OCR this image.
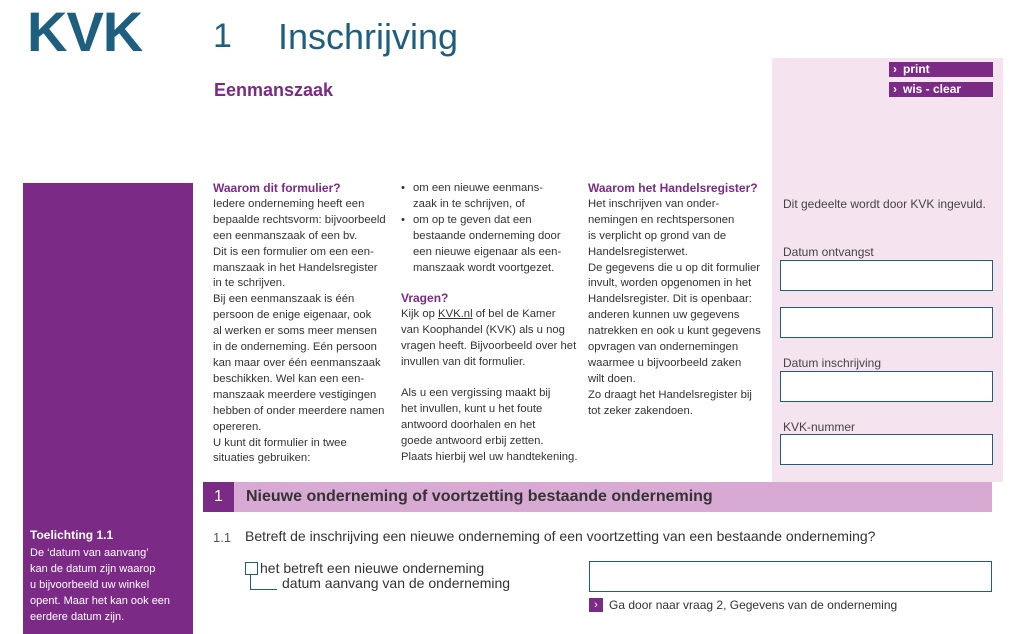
KVK 1 Inschrijving
Eenmanszaak
› print
› wis - clear
Dit gedeelte wordt door KVK ingevuld.
Datum ontvangst
Datum inschrijving
KVK-nummer
Toelichting 1.1
De ‘datum van aanvang’
kan de datum zijn waarop
u bijvoorbeeld uw winkel
opent. Maar het kan ook een
eerdere datum zijn.
Waarom dit formulier?

Iedere onderneming heeft een

bepaalde rechtsvorm: bijvoorbeeld

een eenmanszaak of een bv.

Dit is een formulier om een een-

manszaak in het Handelsregister

in te schrijven.

Bij een eenmanszaak is één

persoon de enige eigenaar, ook

al werken er soms meer mensen

in de onderneming. Eén persoon

kan maar over één eenmanszaak

beschikken. Wel kan een een-

manszaak meerdere vestigingen

hebben of onder meerdere namen

opereren.

U kunt dit formulier in twee

situaties gebruiken:

• om een nieuwe eenmans-
zaak in te schrijven, of
• om op te geven dat een
bestaande onderneming door
een nieuwe eigenaar als een-
manszaak wordt voortgezet.
Vragen?

Kijk op KVK.nl of bel de Kamer

van Koophandel (KVK) als u nog

vragen heeft. Bijvoorbeeld over het

invullen van dit formulier.

Als u een vergissing maakt bij

het invullen, kunt u het foute

antwoord doorhalen en het

goede antwoord erbij zetten.

Plaats hierbij wel uw handtekening.

Waarom het Handelsregister?

Het inschrijven van onder-

nemingen en rechtspersonen

is verplicht op grond van de

Handelsregisterwet.

De gegevens die u op dit formulier

invult, worden opgenomen in het

Handelsregister. Dit is openbaar:

anderen kunnen uw gegevens

natrekken en ook u kunt gegevens

opvragen van ondernemingen

waarmee u bijvoorbeeld zaken

wilt doen.

Zo draagt het Handelsregister bij

tot zeker zakendoen.

1	Nieuwe onderneming of voortzetting bestaande onderneming
1.1 Betreft de inschrijving een nieuwe onderneming of een voortzetting van een bestaande onderneming?
het betreft een nieuwe onderneming
datum aanvang van de onderneming
› Ga door naar vraag 2, Gegevens van de onderneming
